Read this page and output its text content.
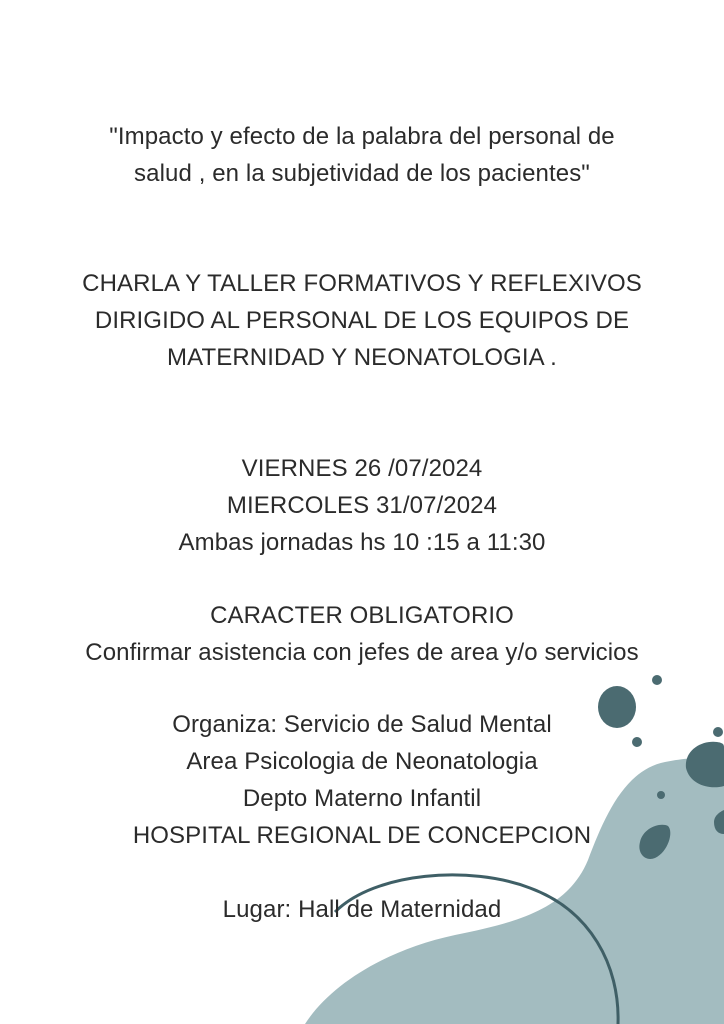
"Impacto y efecto de la palabra del personal de
salud , en la subjetividad de los pacientes"
CHARLA Y TALLER FORMATIVOS Y REFLEXIVOS
DIRIGIDO AL PERSONAL DE LOS EQUIPOS DE
MATERNIDAD Y NEONATOLOGIA .
VIERNES 26 /07/2024
MIERCOLES 31/07/2024
Ambas jornadas hs 10 :15 a 11:30
CARACTER OBLIGATORIO
Confirmar asistencia con jefes de area y/o servicios
Organiza: Servicio de Salud Mental
Area Psicologia de Neonatologia
Depto Materno Infantil
HOSPITAL REGIONAL DE CONCEPCION
Lugar: Hall de Maternidad
